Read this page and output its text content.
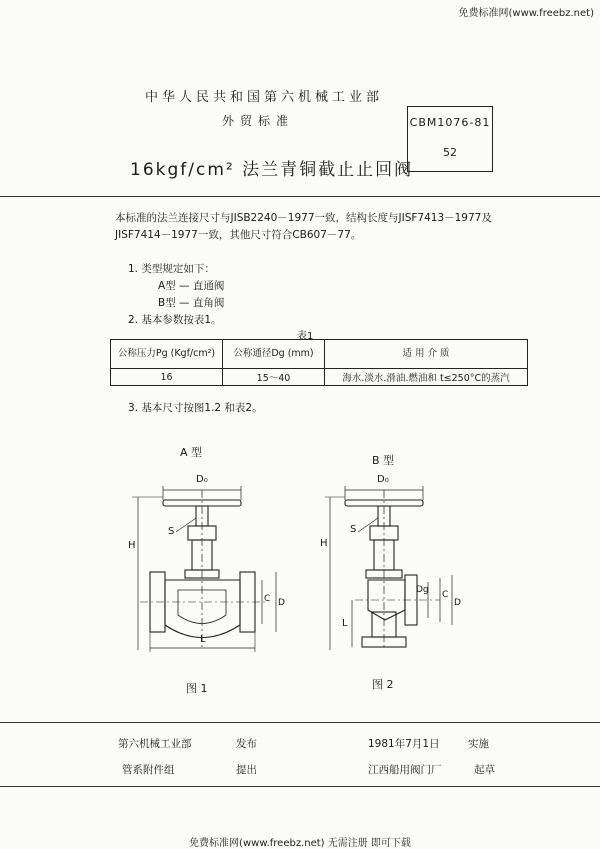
免费标准网(www.freebz.net)
中华人民共和国第六机械工业部
外贸标准	CBM1076-81
52
16kgf/cm² 法兰青铜截止止回阀
本标准的法兰连接尺寸与JISB2240－1977一致，结构长度与JISF7413－1977及
JISF7414－1977一致，其他尺寸符合CB607－77。
1. 类型规定如下：
A型 — 直通阀
B型 — 直角阀
2. 基本参数按表1。
表1
公称压力Pg (Kgf/cm²)	公称通径Dg (mm)	适 用 介 质
16	15～40	海水.淡水.滑油.燃油和 t≤250°C的蒸汽
3. 基本尺寸按图1.2 和表2。
A 型
B 型
D₀	D₀
H	H
S	S
L
L
C D
Dg C
D
图 1	图 2
第六机械工业部	发布	1981年7月1日	实施
管系附件组	提出	江西船用阀门厂	起草
免费标准网(www.freebz.net) 无需注册 即可下载
